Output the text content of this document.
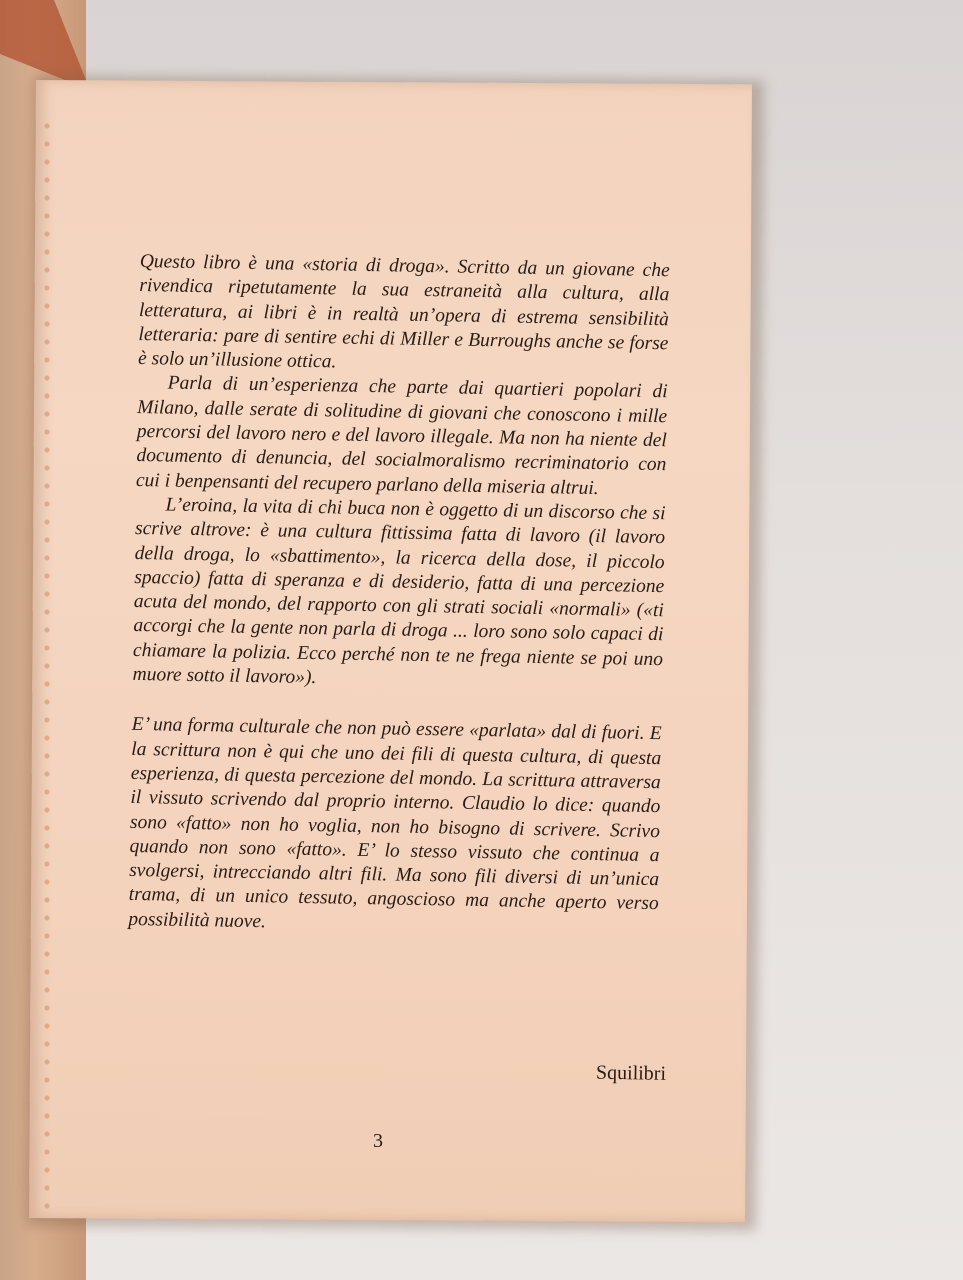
Questo libro è una «storia di droga». Scritto da un giovane che rivendica ripetutamente la sua estraneità alla cultura, alla letteratura, ai libri è in realtà un’opera di estrema sensibilità letteraria: pare di sentire echi di Miller e Burroughs anche se forse è solo un’illusione ottica.

Parla di un’esperienza che parte dai quartieri popolari di Milano, dalle serate di solitudine di giovani che conoscono i mille percorsi del lavoro nero e del lavoro illegale. Ma non ha niente del documento di denuncia, del socialmoralismo recriminatorio con cui i benpensanti del recupero parlano della miseria altrui.

L’eroina, la vita di chi buca non è oggetto di un discorso che si scrive altrove: è una cultura fittissima fatta di lavoro (il lavoro della droga, lo «sbattimento», la ricerca della dose, il piccolo spaccio) fatta di speranza e di desiderio, fatta di una percezione acuta del mondo, del rapporto con gli strati sociali «normali» («ti accorgi che la gente non parla di droga ... loro sono solo capaci di chiamare la polizia. Ecco perché non te ne frega niente se poi uno muore sotto il lavoro»).

E’ una forma culturale che non può essere «parlata» dal di fuori. E la scrittura non è qui che uno dei fili di questa cultura, di questa esperienza, di questa percezione del mondo. La scrittura attraversa il vissuto scrivendo dal proprio interno. Claudio lo dice: quando sono «fatto» non ho voglia, non ho bisogno di scrivere. Scrivo quando non sono «fatto». E’ lo stesso vissuto che continua a svolgersi, intrecciando altri fili. Ma sono fili diversi di un’unica trama, di un unico tessuto, angoscioso ma anche aperto verso possibilità nuove.

Squilibri
3
